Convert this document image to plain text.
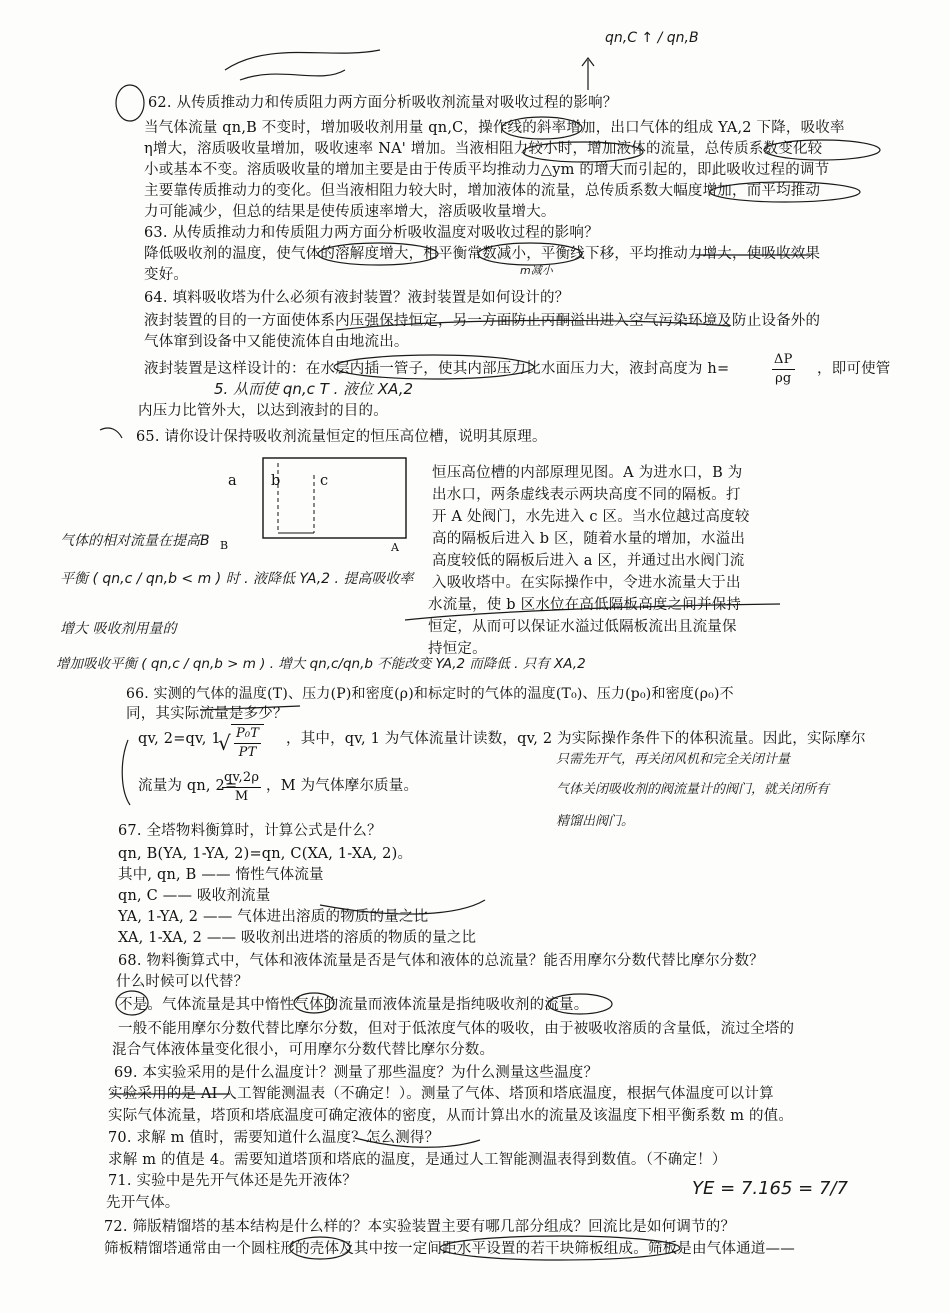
62. 从传质推动力和传质阻力两方面分析吸收剂流量对吸收过程的影响？
当气体流量 qn,B 不变时，增加吸收剂用量 qn,C，操作线的斜率增加，出口气体的组成 YA,2 下降，吸收率
η增大，溶质吸收量增加，吸收速率 NA' 增加。当液相阻力较小时，增加液体的流量，总传质系数变化较
小或基本不变。溶质吸收量的增加主要是由于传质平均推动力△ym 的增大而引起的，即此吸收过程的调节
主要靠传质推动力的变化。但当液相阻力较大时，增加液体的流量，总传质系数大幅度增加，而平均推动
力可能减少，但总的结果是使传质速率增大，溶质吸收量增大。
63. 从传质推动力和传质阻力两方面分析吸收温度对吸收过程的影响？
降低吸收剂的温度，使气体的溶解度增大，相平衡常数减小，平衡线下移，平均推动力增大，使吸收效果
变好。
64. 填料吸收塔为什么必须有液封装置？液封装置是如何设计的？
液封装置的目的一方面使体系内压强保持恒定，另一方面防止丙酮溢出进入空气污染环境及防止设备外的
气体窜到设备中又能使流体自由地流出。
液封装置是这样设计的：在水层内插一管子，使其内部压力比水面压力大，液封高度为 h=	$\frac{\Delta P}{\rho g}$ ，即可使管
内压力比管外大，以达到液封的目的。
65. 请你设计保持吸收剂流量恒定的恒压高位槽，说明其原理。
a b	c
B	A
恒压高位槽的内部原理见图。A 为进水口，B 为
出水口，两条虚线表示两块高度不同的隔板。打
开 A 处阀门，水先进入 c 区。当水位越过高度较
高的隔板后进入 b 区，随着水量的增加，水溢出
高度较低的隔板后进入 a 区，并通过出水阀门流
入吸收塔中。在实际操作中，令进水流量大于出
水流量，使 b 区水位在高低隔板高度之间并保持
恒定，从而可以保证水溢过低隔板流出且流量保
持恒定。
66. 实测的气体的温度(T)、压力(P)和密度(ρ)和标定时的气体的温度(T₀)、压力(p₀)和密度(ρ₀)不
同，其实际流量是多少？
qv, 2=qv, 1
√ $\frac{\text{P₀T}}{PT}$ ，其中，qv, 1 为气体流量计读数，qv, 2 为实际操作条件下的体积流量。因此，实际摩尔
流量为 qn, 2=
$\frac{qv,2\rho}{M}$ ，M 为气体摩尔质量。
67. 全塔物料衡算时，计算公式是什么？
qn, B(YA, 1-YA, 2)=qn, C(XA, 1-XA, 2)。
其中, qn, B —— 惰性气体流量
qn, C —— 吸收剂流量
YA, 1-YA, 2 —— 气体进出溶质的物质的量之比
XA, 1-XA, 2 —— 吸收剂出进塔的溶质的物质的量之比
68. 物料衡算式中，气体和液体流量是否是气体和液体的总流量？能否用摩尔分数代替比摩尔分数？
什么时候可以代替？
不是。气体流量是其中惰性气体的流量而液体流量是指纯吸收剂的流量。
一般不能用摩尔分数代替比摩尔分数，但对于低浓度气体的吸收，由于被吸收溶质的含量低，流过全塔的
混合气体液体量变化很小，可用摩尔分数代替比摩尔分数。
69. 本实验采用的是什么温度计？测量了那些温度？为什么测量这些温度？
实验采用的是 AI 人工智能测温表（不确定！）。测量了气体、塔顶和塔底温度，根据气体温度可以计算
实际气体流量，塔顶和塔底温度可确定液体的密度，从而计算出水的流量及该温度下相平衡系数 m 的值。
70. 求解 m 值时，需要知道什么温度？怎么测得？
求解 m 的值是 4。需要知道塔顶和塔底的温度，是通过人工智能测温表得到数值。（不确定！）
71. 实验中是先开气体还是先开液体？
先开气体。
72. 筛版精馏塔的基本结构是什么样的？本实验装置主要有哪几部分组成？回流比是如何调节的？
筛板精馏塔通常由一个圆柱形的壳体及其中按一定间距水平设置的若干块筛板组成。筛板是由气体通道——
qn,C ↑ / qn,B
m减小
5. 从而使 qn,c T . 液位 XA,2
气体的相对流量在提高B
平衡 ( qn,c / qn,b < m ) 时 . 液降低 YA,2 . 提高吸收率
增大 吸收剂用量的
增加吸收平衡 ( qn,c / qn,b > m ) . 增大 qn,c/qn,b 不能改变 YA,2 而降低 . 只有 XA,2
只需先开气，再关闭风机和完全关闭计量
气体关闭吸收剂的阀流量计的阀门，就关闭所有
精馏出阀门。
YE = 7.165 = 7/7
